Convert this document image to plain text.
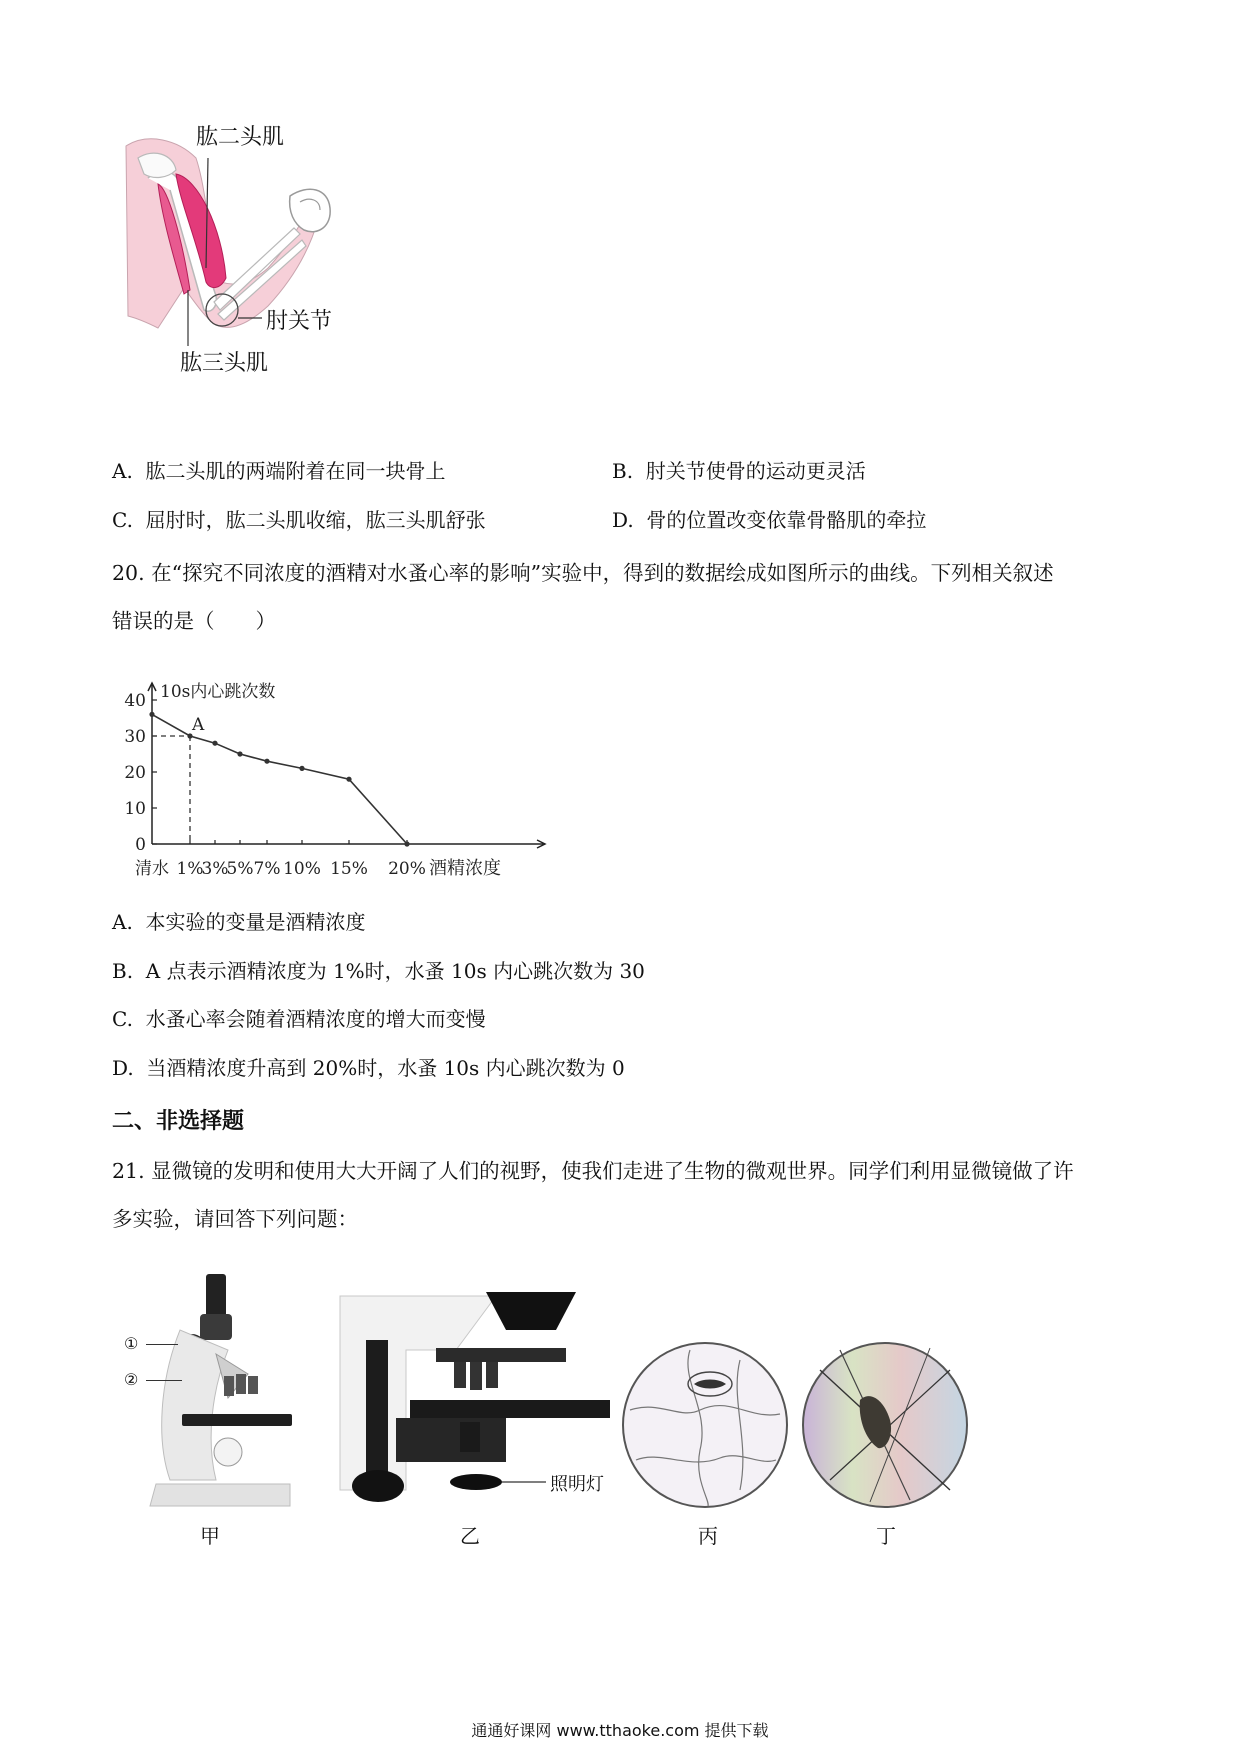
肱二头肌
肘关节
肱三头肌
A. 肱二头肌的两端附着在同一块骨上	B. 肘关节使骨的运动更灵活
C. 屈肘时，肱二头肌收缩，肱三头肌舒张	D. 骨的位置改变依靠骨骼肌的牵拉
20. 在“探究不同浓度的酒精对水蚤心率的影响”实验中，得到的数据绘成如图所示的曲线。下列相关叙述
错误的是（　　）
10s内心跳次数
酒精浓度
0
10
20
30
40
清水 1%
3%
5% 7% 10% 15% 20%
A
A. 本实验的变量是酒精浓度
B. A 点表示酒精浓度为 1%时，水蚤 10s 内心跳次数为 30
C. 水蚤心率会随着酒精浓度的增大而变慢
D. 当酒精浓度升高到 20%时，水蚤 10s 内心跳次数为 0
二、非选择题
21. 显微镜的发明和使用大大开阔了人们的视野，使我们走进了生物的微观世界。同学们利用显微镜做了许
多实验，请回答下列问题：
①
②
照明灯
甲	乙	丙	丁
通通好课网 www.tthaoke.com 提供下载
